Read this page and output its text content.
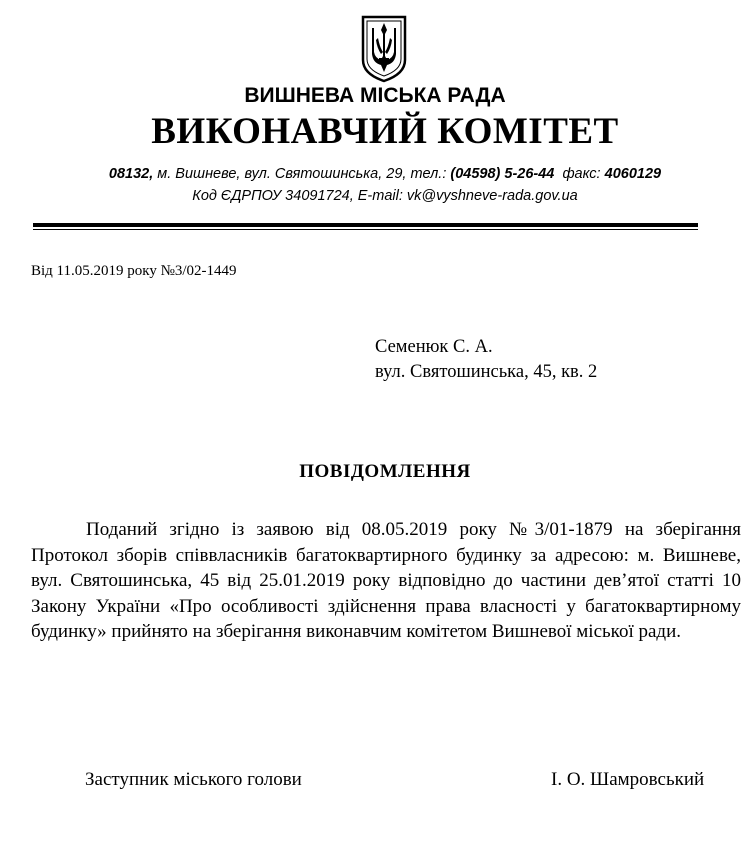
ВИШНЕВА МІСЬКА РАДА
ВИКОНАВЧИЙ КОМІТЕТ
08132, м. Вишневе, вул. Святошинська, 29, тел.: (04598) 5-26-44  факс: 4060129
Код ЄДРПОУ 34091724, E-mail: vk@vyshneve-rada.gov.ua
Від 11.05.2019 року №3/02-1449
Семенюк С. А.
вул. Святошинська, 45, кв. 2
ПОВІДОМЛЕННЯ
Поданий згідно із заявою від 08.05.2019 року №3/01-1879 на зберігання Протокол зборів співвласників багатоквартирного будинку за адресою: м. Вишневе, вул. Святошинська, 45 від 25.01.2019 року відповідно до частини дев’ятої статті 10 Закону України «Про особливості здійснення права власності у багатоквартирному будинку» прийнято на зберігання виконавчим комітетом Вишневої міської ради.
Заступник міського голови	І. О. Шамровський
